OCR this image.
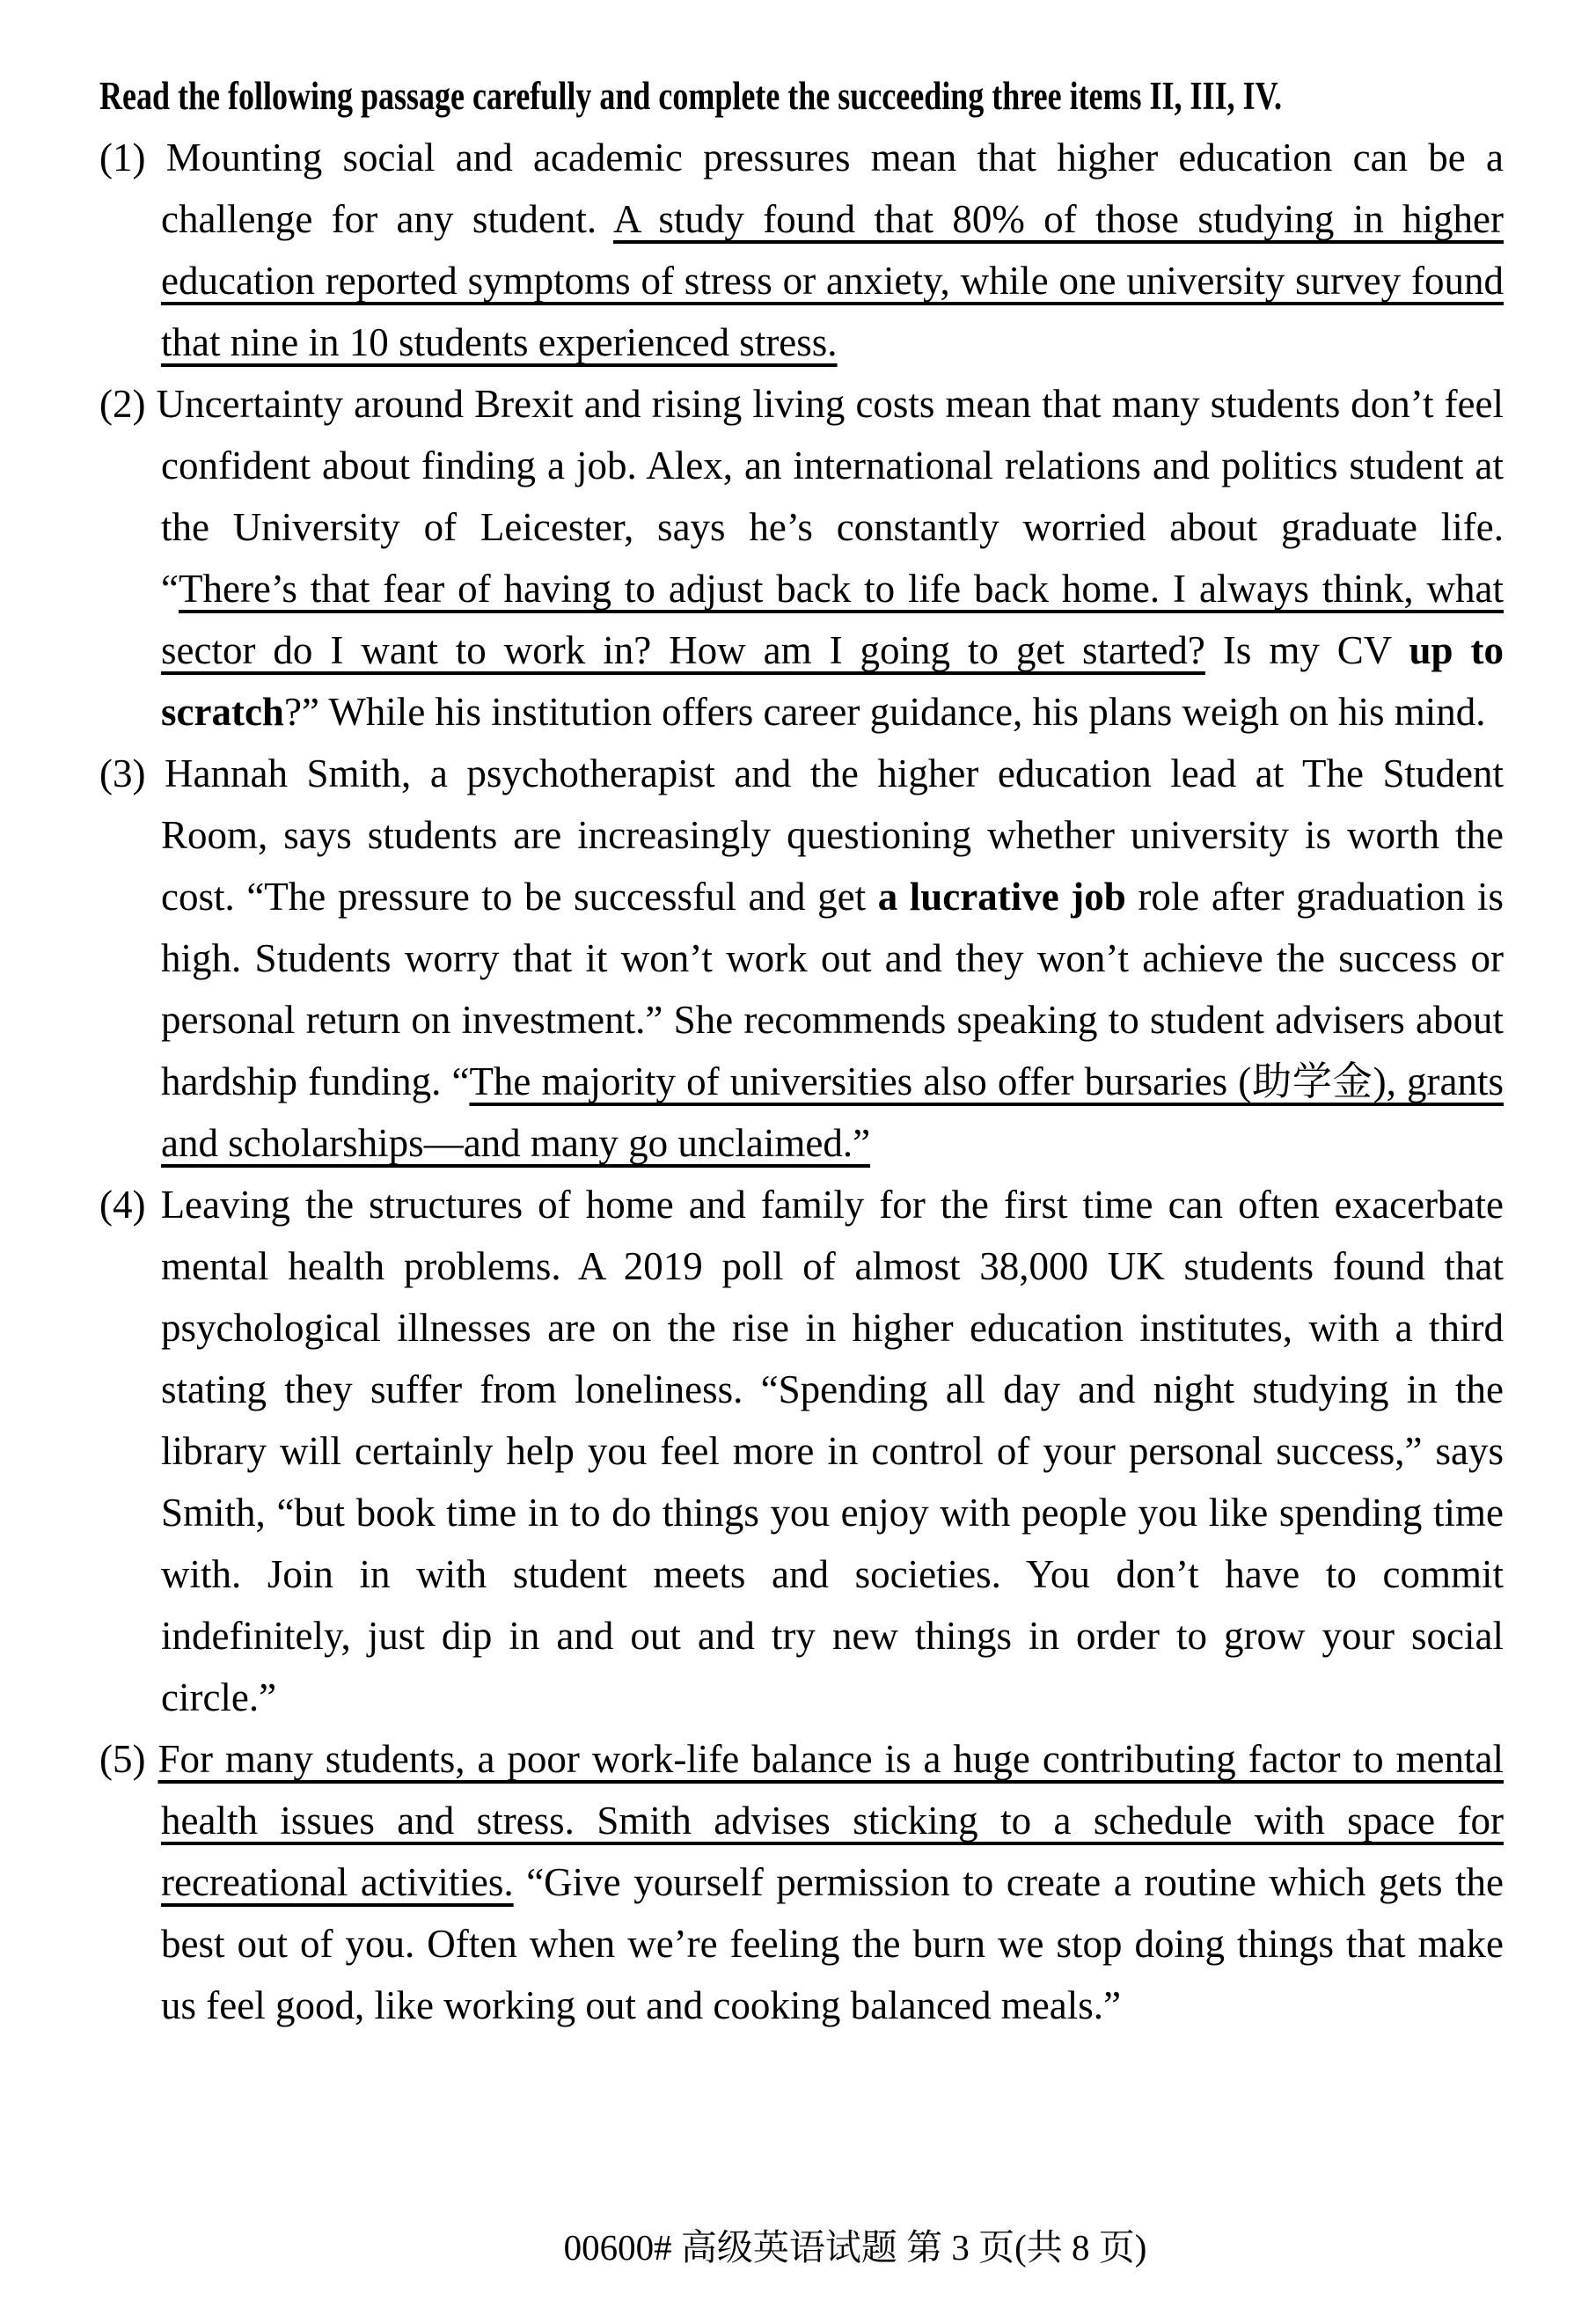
Read the following passage carefully and complete the succeeding three items II, III, IV.

(1) Mounting social and academic pressures mean that higher education can be a challenge for any student. A study found that 80% of those studying in higher education reported symptoms of stress or anxiety, while one university survey found that nine in 10 students experienced stress.

(2) Uncertainty around Brexit and rising living costs mean that many students don’t feel confident about finding a job. Alex, an international relations and politics student at the University of Leicester, says he’s constantly worried about graduate life. “There’s that fear of having to adjust back to life back home. I always think, what sector do I want to work in? How am I going to get started? Is my CV up to scratch?” While his institution offers career guidance, his plans weigh on his mind.

(3) Hannah Smith, a psychotherapist and the higher education lead at The Student Room, says students are increasingly questioning whether university is worth the cost. “The pressure to be successful and get a lucrative job role after graduation is high. Students worry that it won’t work out and they won’t achieve the success or personal return on investment.” She recommends speaking to student advisers about hardship funding. “The majority of universities also offer bursaries (助学金), grants and scholarships—and many go unclaimed.”

(4) Leaving the structures of home and family for the first time can often exacerbate mental health problems. A 2019 poll of almost 38,000 UK students found that psychological illnesses are on the rise in higher education institutes, with a third stating they suffer from loneliness. “Spending all day and night studying in the library will certainly help you feel more in control of your personal success,” says Smith, “but book time in to do things you enjoy with people you like spending time with. Join in with student meets and societies. You don’t have to commit indefinitely, just dip in and out and try new things in order to grow your social circle.”

(5) For many students, a poor work-life balance is a huge contributing factor to mental health issues and stress. Smith advises sticking to a schedule with space for recreational activities. “Give yourself permission to create a routine which gets the best out of you. Often when we’re feeling the burn we stop doing things that make us feel good, like working out and cooking balanced meals.”

00600# 高级英语试题 第 3 页(共 8 页)
